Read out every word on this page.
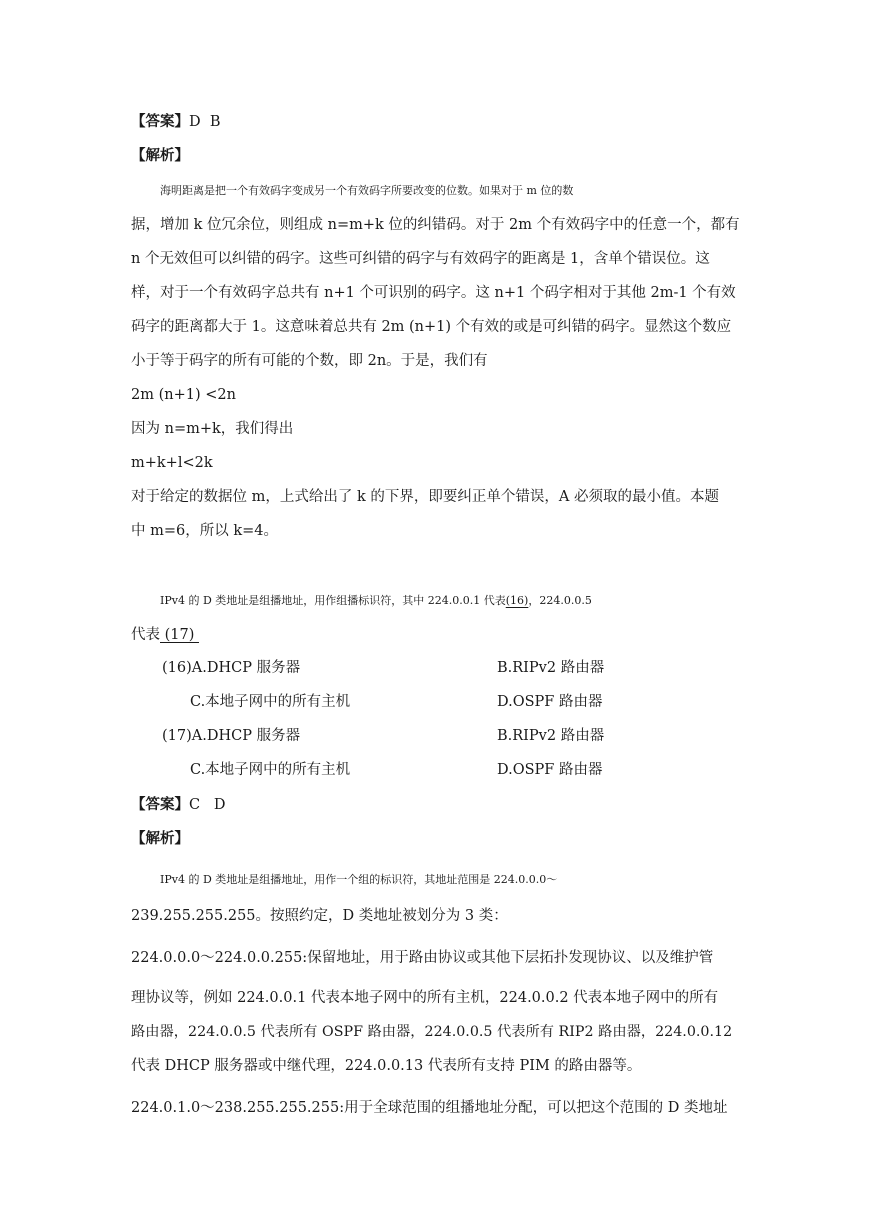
【答案】D  B
【解析】
海明距离是把一个有效码字变成另一个有效码字所要改变的位数。如果对于 m 位的数
据，增加 k 位冗余位，则组成 n=m+k 位的纠错码。对于 2m 个有效码字中的任意一个，都有
n 个无效但可以纠错的码字。这些可纠错的码字与有效码字的距离是 1，含单个错误位。这
样，对于一个有效码字总共有 n+1 个可识别的码字。这 n+1 个码字相对于其他 2m-1 个有效
码字的距离都大于 1。这意味着总共有 2m (n+1) 个有效的或是可纠错的码字。显然这个数应
小于等于码字的所有可能的个数，即 2n。于是，我们有
2m (n+1) <2n
因为 n=m+k，我们得出
m+k+l<2k
对于给定的数据位 m，上式给出了 k 的下界，即要纠正单个错误，A 必须取的最小值。本题
中 m=6，所以 k=4。
IPv4 的 D 类地址是组播地址，用作组播标识符，其中 224.0.0.1 代表(16)，224.0.0.5
代表 (17)
(16)A.DHCP 服务器	B.RIPv2 路由器
C.本地子网中的所有主机	D.OSPF 路由器
(17)A.DHCP 服务器	B.RIPv2 路由器
C.本地子网中的所有主机	D.OSPF 路由器
【答案】C   D
【解析】
IPv4 的 D 类地址是组播地址，用作一个组的标识符，其地址范围是 224.0.0.0～
239.255.255.255。按照约定，D 类地址被划分为 3 类：
224.0.0.0～224.0.0.255:保留地址，用于路由协议或其他下层拓扑发现协议、以及维护管
理协议等，例如 224.0.0.1 代表本地子网中的所有主机，224.0.0.2 代表本地子网中的所有
路由器，224.0.0.5 代表所有 OSPF 路由器，224.0.0.5 代表所有 RIP2 路由器，224.0.0.12
代表 DHCP 服务器或中继代理，224.0.0.13 代表所有支持 PIM 的路由器等。
224.0.1.0～238.255.255.255:用于全球范围的组播地址分配，可以把这个范围的 D 类地址
